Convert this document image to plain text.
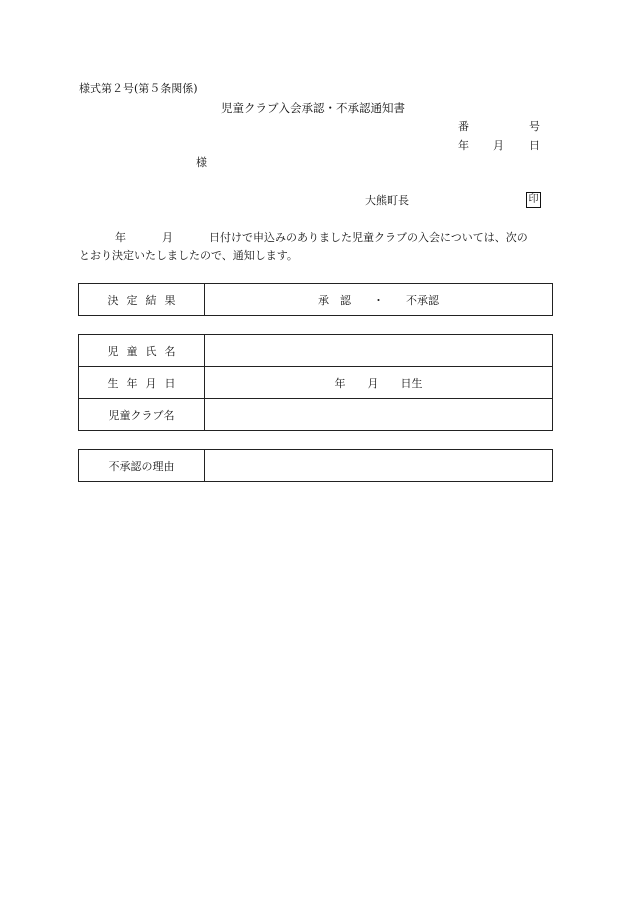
様式第２号(第５条関係)
児童クラブ入会承認・不承認通知書
番	号
年 月 日
様
大熊町長	印
年	月	日付けで申込みのありました児童クラブの入会については、次の
とおり決定いたしましたので、通知します。
決 定 結 果	承　認 ・ 不承認
児 童 氏 名	
生 年 月 日	年 月 日生
児童クラブ名	
不承認の理由	
